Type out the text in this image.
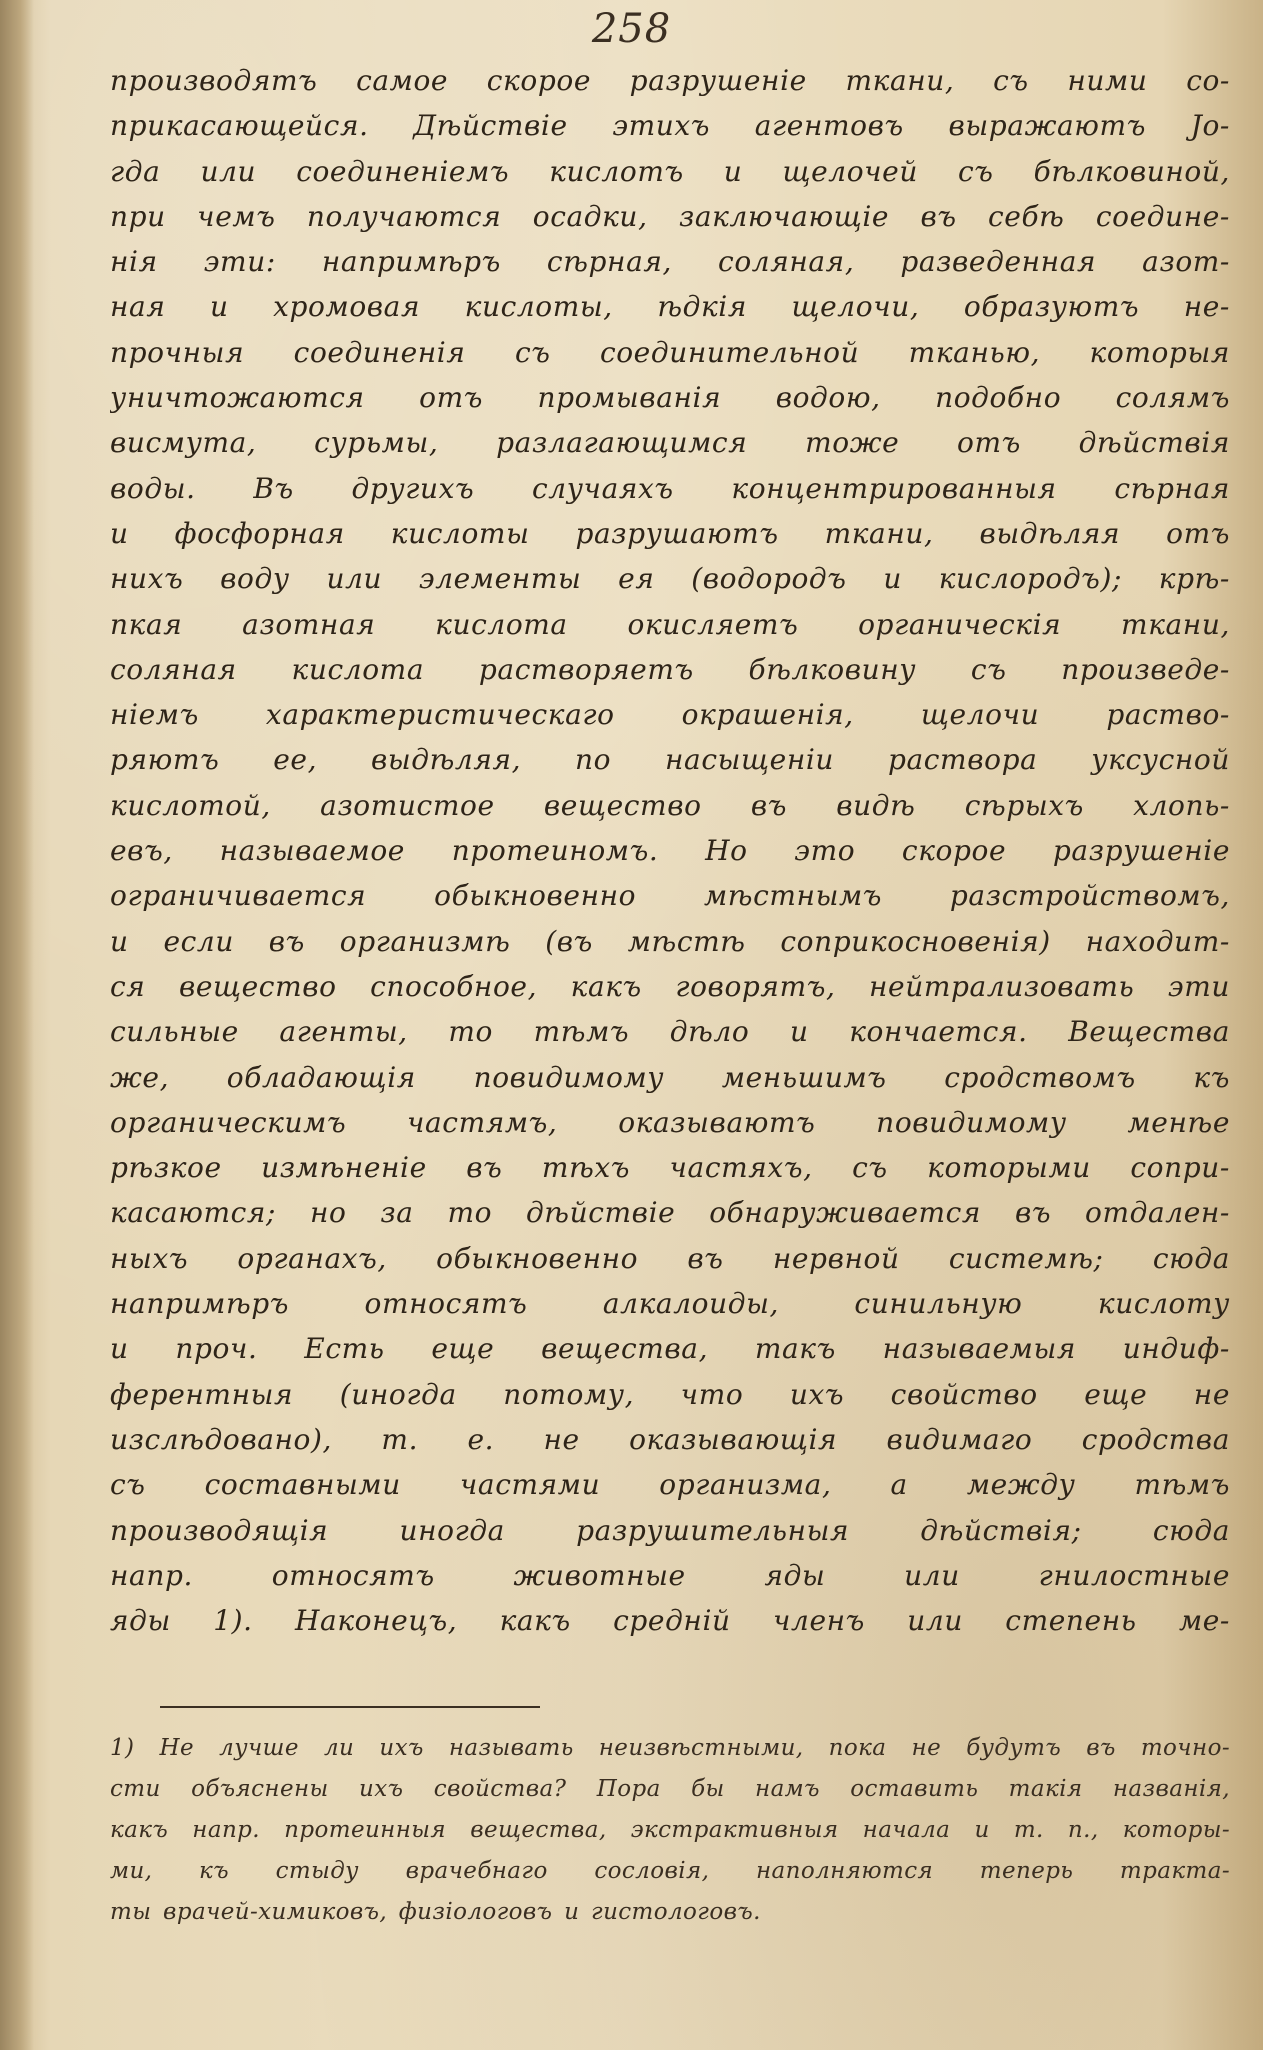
258
производятъ самое скорое разрушеніе ткани, съ ними со-
прикасающейся. Дѣйствіе этихъ агентовъ выражаютъ Јо-
гда или соединеніемъ кислотъ и щелочей съ бѣлковиной,
при чемъ получаются осадки, заключающіе въ себѣ соедине-
нія эти: напримѣръ сѣрная, соляная, разведенная азот-
ная и хромовая кислоты, ѣдкія щелочи, образуютъ не-
прочныя соединенія съ соединительной тканью, которыя
уничтожаются отъ промыванія водою, подобно солямъ
висмута, сурьмы, разлагающимся тоже отъ дѣйствія
воды. Въ другихъ случаяхъ концентрированныя сѣрная
и фосфорная кислоты разрушаютъ ткани, выдѣляя отъ
нихъ воду или элементы ея (водородъ и кислородъ); крѣ-
пкая азотная кислота окисляетъ органическія ткани,
соляная кислота растворяетъ бѣлковину съ произведе-
ніемъ характеристическаго окрашенія, щелочи раство-
ряютъ ее, выдѣляя, по насыщеніи раствора уксусной
кислотой, азотистое вещество въ видѣ сѣрыхъ хлопь-
евъ, называемое протеиномъ. Но это скорое разрушеніе
ограничивается обыкновенно мѣстнымъ разстройствомъ,
и если въ организмѣ (въ мѣстѣ соприкосновенія) находит-
ся вещество способное, какъ говорятъ, нейтрализовать эти
сильные агенты, то тѣмъ дѣло и кончается. Вещества
же, обладающія повидимому меньшимъ сродствомъ къ
органическимъ частямъ, оказываютъ повидимому менѣе
рѣзкое измѣненіе въ тѣхъ частяхъ, съ которыми сопри-
касаются; но за то дѣйствіе обнаруживается въ отдален-
ныхъ органахъ, обыкновенно въ нервной системѣ; сюда
напримѣръ относятъ алкалоиды, синильную кислоту
и проч. Есть еще вещества, такъ называемыя индиф-
ферентныя (иногда потому, что ихъ свойство еще не
изслѣдовано), т. е. не оказывающія видимаго сродства
съ составными частями организма, а между тѣмъ
производящія иногда разрушительныя дѣйствія; сюда
напр. относятъ животные яды или гнилостные
яды 1). Наконецъ, какъ средній членъ или степень ме-
1) Не лучше ли ихъ называть неизвѣстными, пока не будутъ въ точно-
сти объяснены ихъ свойства? Пора бы намъ оставить такія названія,
какъ напр. протеинныя вещества, экстрактивныя начала и т. п., которы-
ми, къ стыду врачебнаго сословія, наполняются теперь тракта-
ты врачей-химиковъ, физіологовъ и гистологовъ.
